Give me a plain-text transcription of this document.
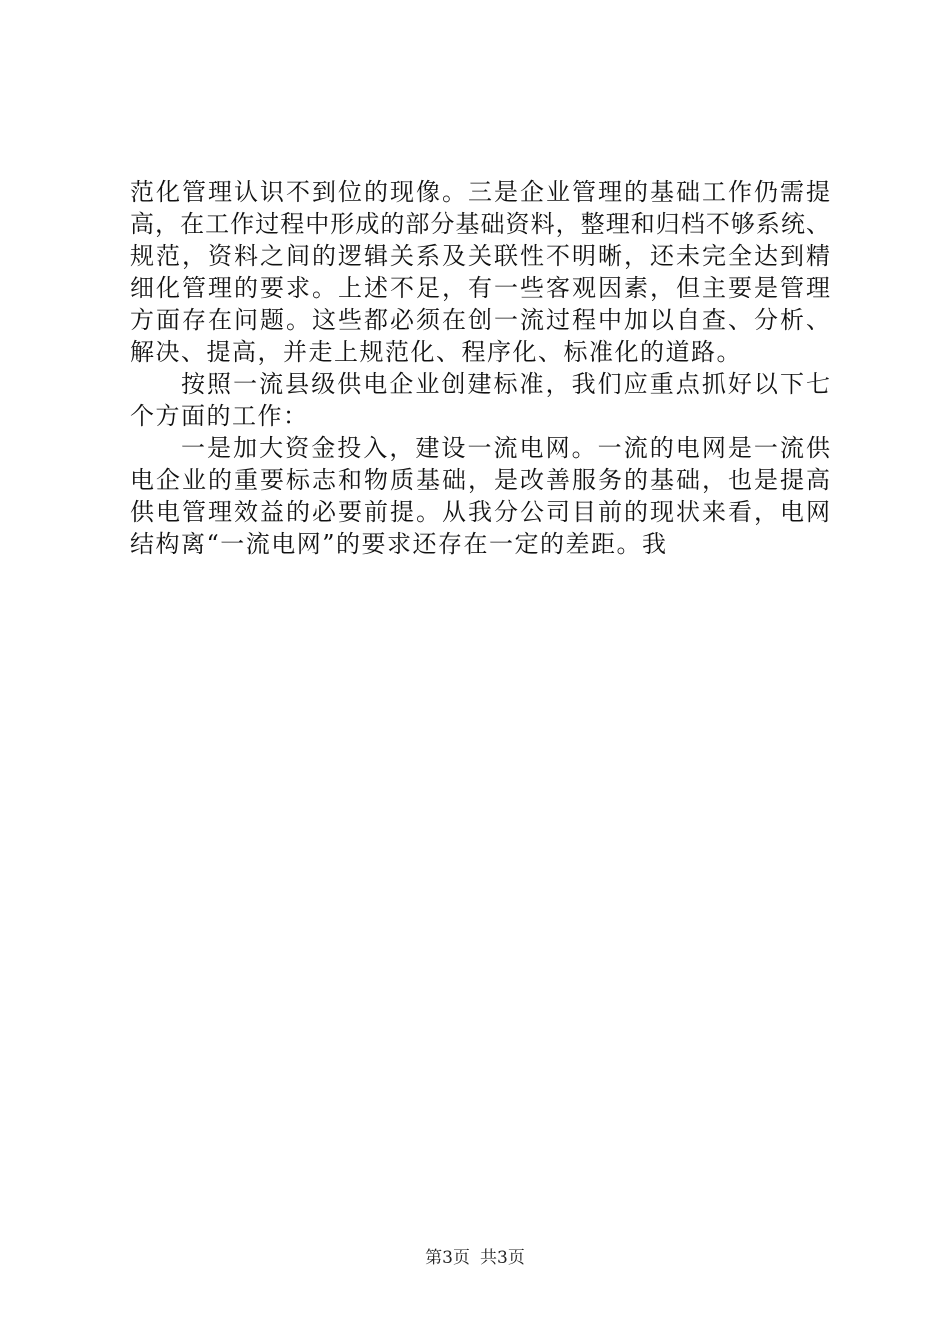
范化管理认识不到位的现像。三是企业管理的基础工作仍需提
高，在工作过程中形成的部分基础资料，整理和归档不够系统、
规范，资料之间的逻辑关系及关联性不明晰，还未完全达到精
细化管理的要求。上述不足，有一些客观因素，但主要是管理
方面存在问题。这些都必须在创一流过程中加以自查、分析、
解决、提高，并走上规范化、程序化、标准化的道路。
按照一流县级供电企业创建标准，我们应重点抓好以下七
个方面的工作：
一是加大资金投入，建设一流电网。一流的电网是一流供
电企业的重要标志和物质基础，是改善服务的基础，也是提高
供电管理效益的必要前提。从我分公司目前的现状来看，电网
结构离“一流电网”的要求还存在一定的差距。我
第3页 共3页
